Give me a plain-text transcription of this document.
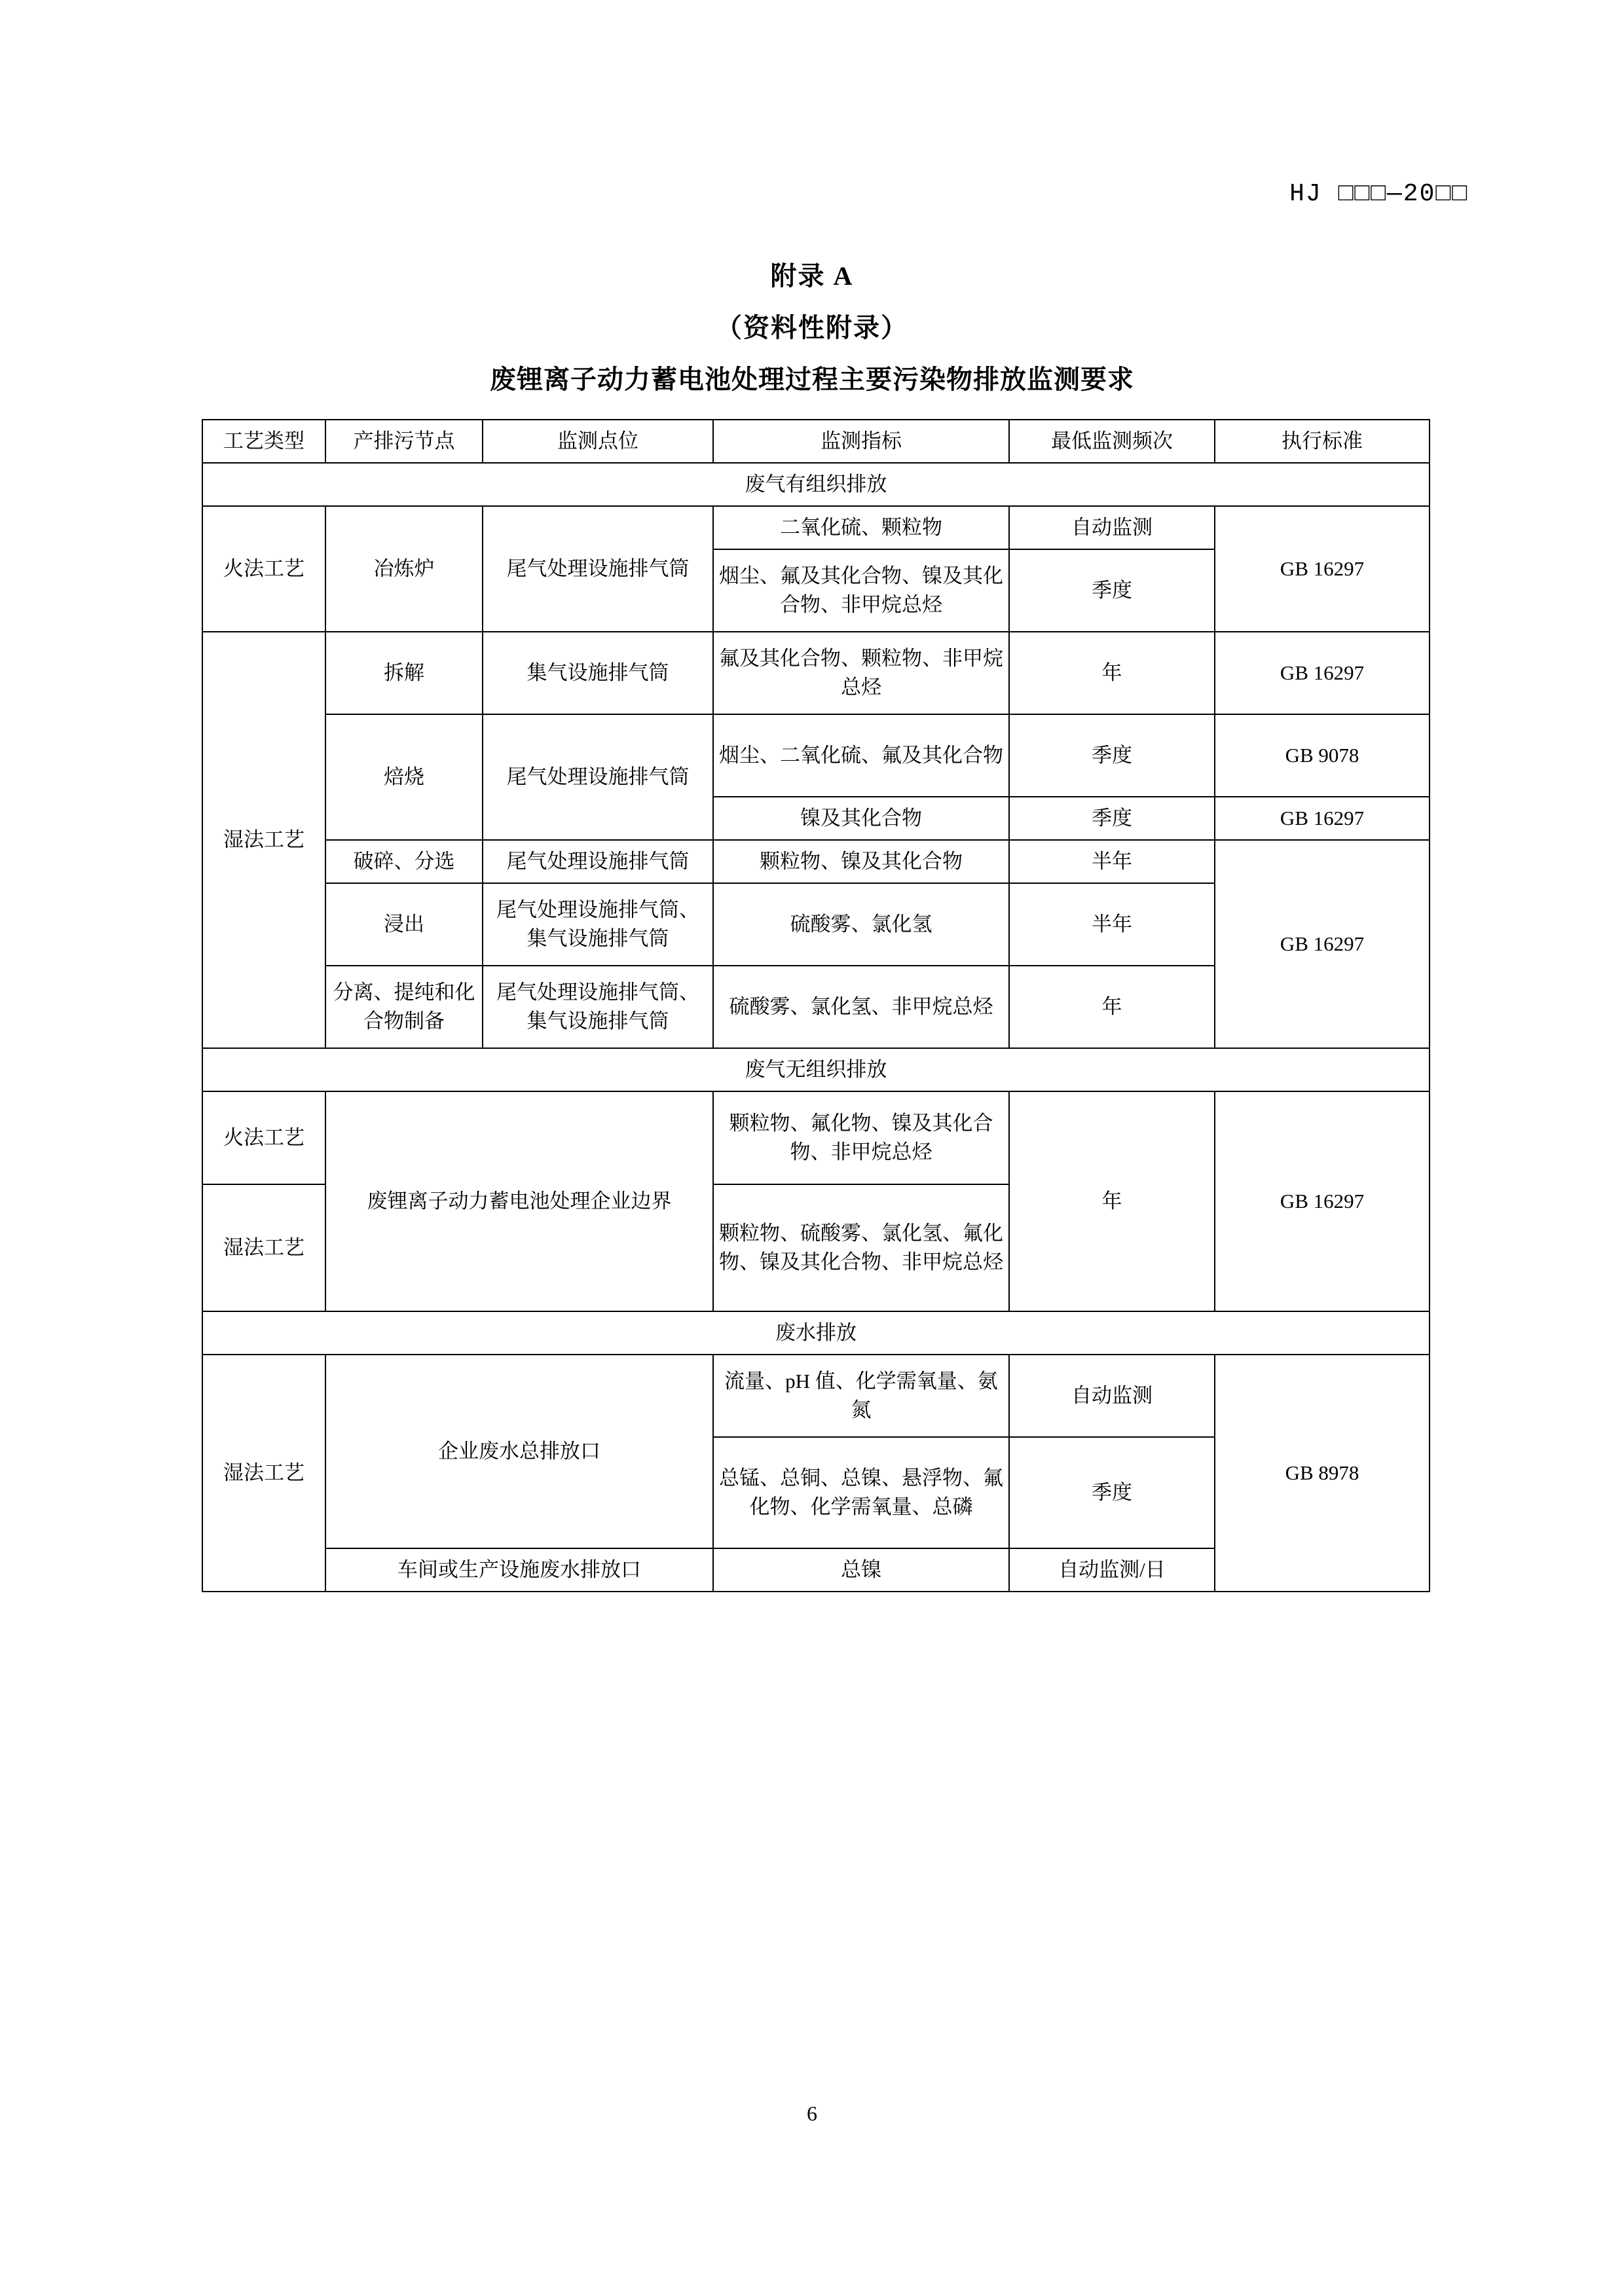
HJ □□□—20□□
附录 A
（资料性附录）
废锂离子动力蓄电池处理过程主要污染物排放监测要求
工艺类型	产排污节点	监测点位	监测指标	最低监测频次	执行标准
废气有组织排放					
火法工艺	冶炼炉	尾气处理设施排气筒	二氧化硫、颗粒物	自动监测	GB 16297
			烟尘、氟及其化合物、镍及其化合物、非甲烷总烃	季度	
湿法工艺	拆解	集气设施排气筒	氟及其化合物、颗粒物、非甲烷总烃	年	GB 16297
	焙烧	尾气处理设施排气筒	烟尘、二氧化硫、氟及其化合物	季度	GB 9078
			镍及其化合物	季度	GB 16297
	破碎、分选	尾气处理设施排气筒	颗粒物、镍及其化合物	半年	GB 16297
	浸出	尾气处理设施排气筒、集气设施排气筒	硫酸雾、氯化氢	半年	
	分离、提纯和化合物制备	尾气处理设施排气筒、集气设施排气筒	硫酸雾、氯化氢、非甲烷总烃	年	
废气无组织排放					
火法工艺	废锂离子动力蓄电池处理企业边界		颗粒物、氟化物、镍及其化合物、非甲烷总烃	年	GB 16297
湿法工艺			颗粒物、硫酸雾、氯化氢、氟化物、镍及其化合物、非甲烷总烃		
废水排放					
湿法工艺	企业废水总排放口		流量、pH 值、化学需氧量、氨氮	自动监测	GB 8978
			总锰、总铜、总镍、悬浮物、氟化物、化学需氧量、总磷	季度	
	车间或生产设施废水排放口		总镍	自动监测/日	
6
